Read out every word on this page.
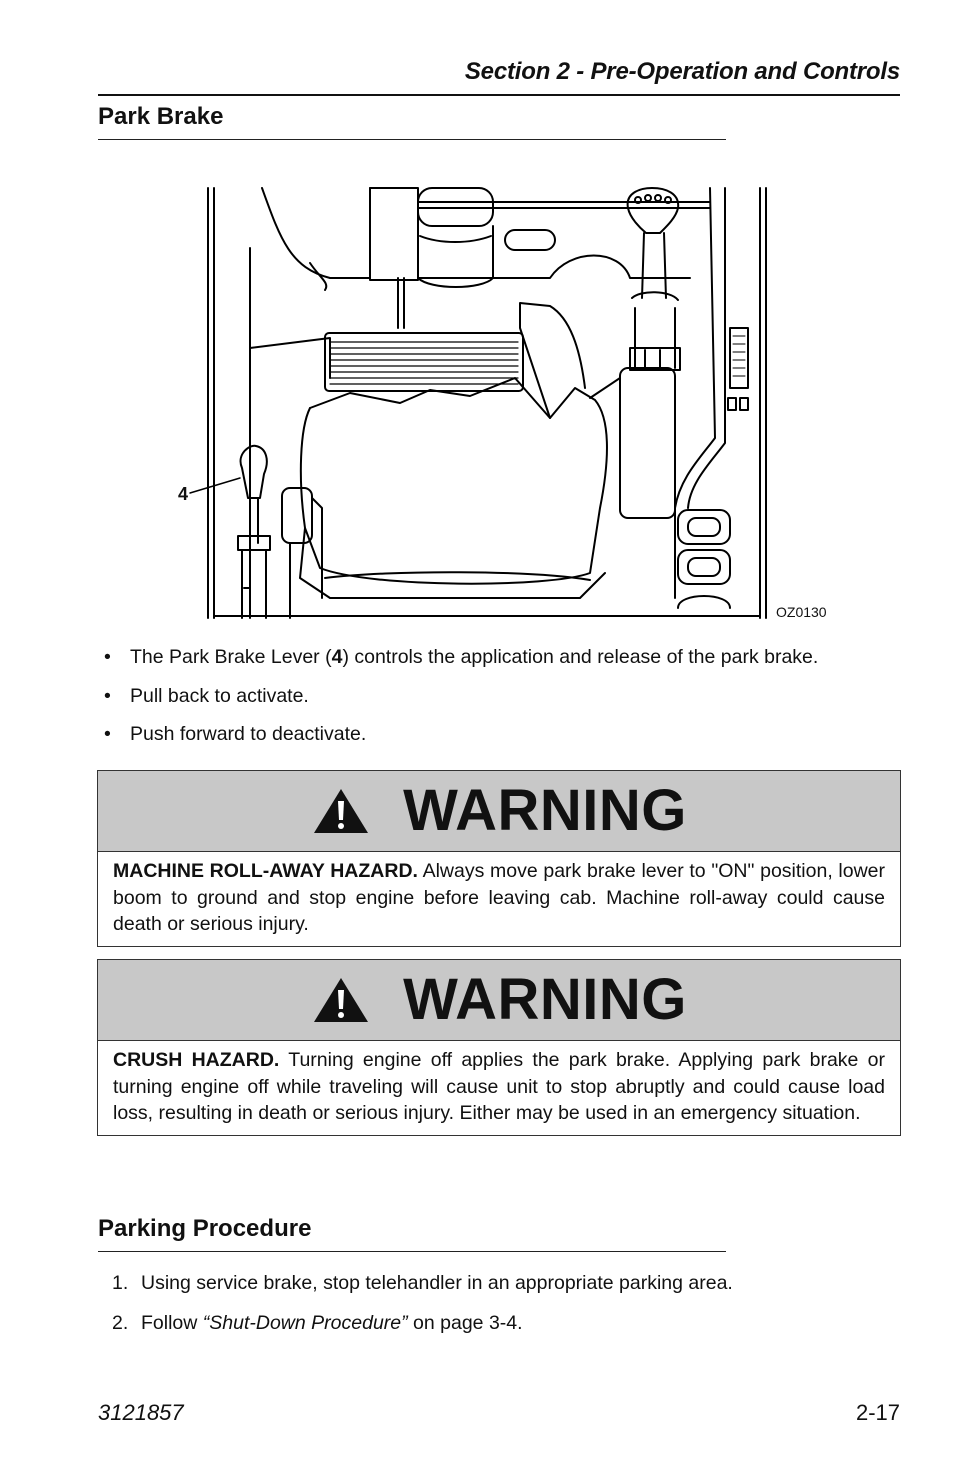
Section 2 - Pre-Operation and Controls
Park Brake
4
OZ0130
• The Park Brake Lever (4) controls the application and release of the park brake.
• Pull back to activate.
• Push forward to deactivate.
WARNING
MACHINE ROLL-AWAY HAZARD. Always move park brake lever to "ON" position, lower boom to ground and stop engine before leaving cab. Machine roll-away could cause death or serious injury.
WARNING
CRUSH HAZARD. Turning engine off applies the park brake. Applying park brake or turning engine off while traveling will cause unit to stop abruptly and could cause load loss, resulting in death or serious injury. Either may be used in an emergency situation.
Parking Procedure
1. Using service brake, stop telehandler in an appropriate parking area.
2. Follow “Shut-Down Procedure” on page 3-4.
3121857	2-17
